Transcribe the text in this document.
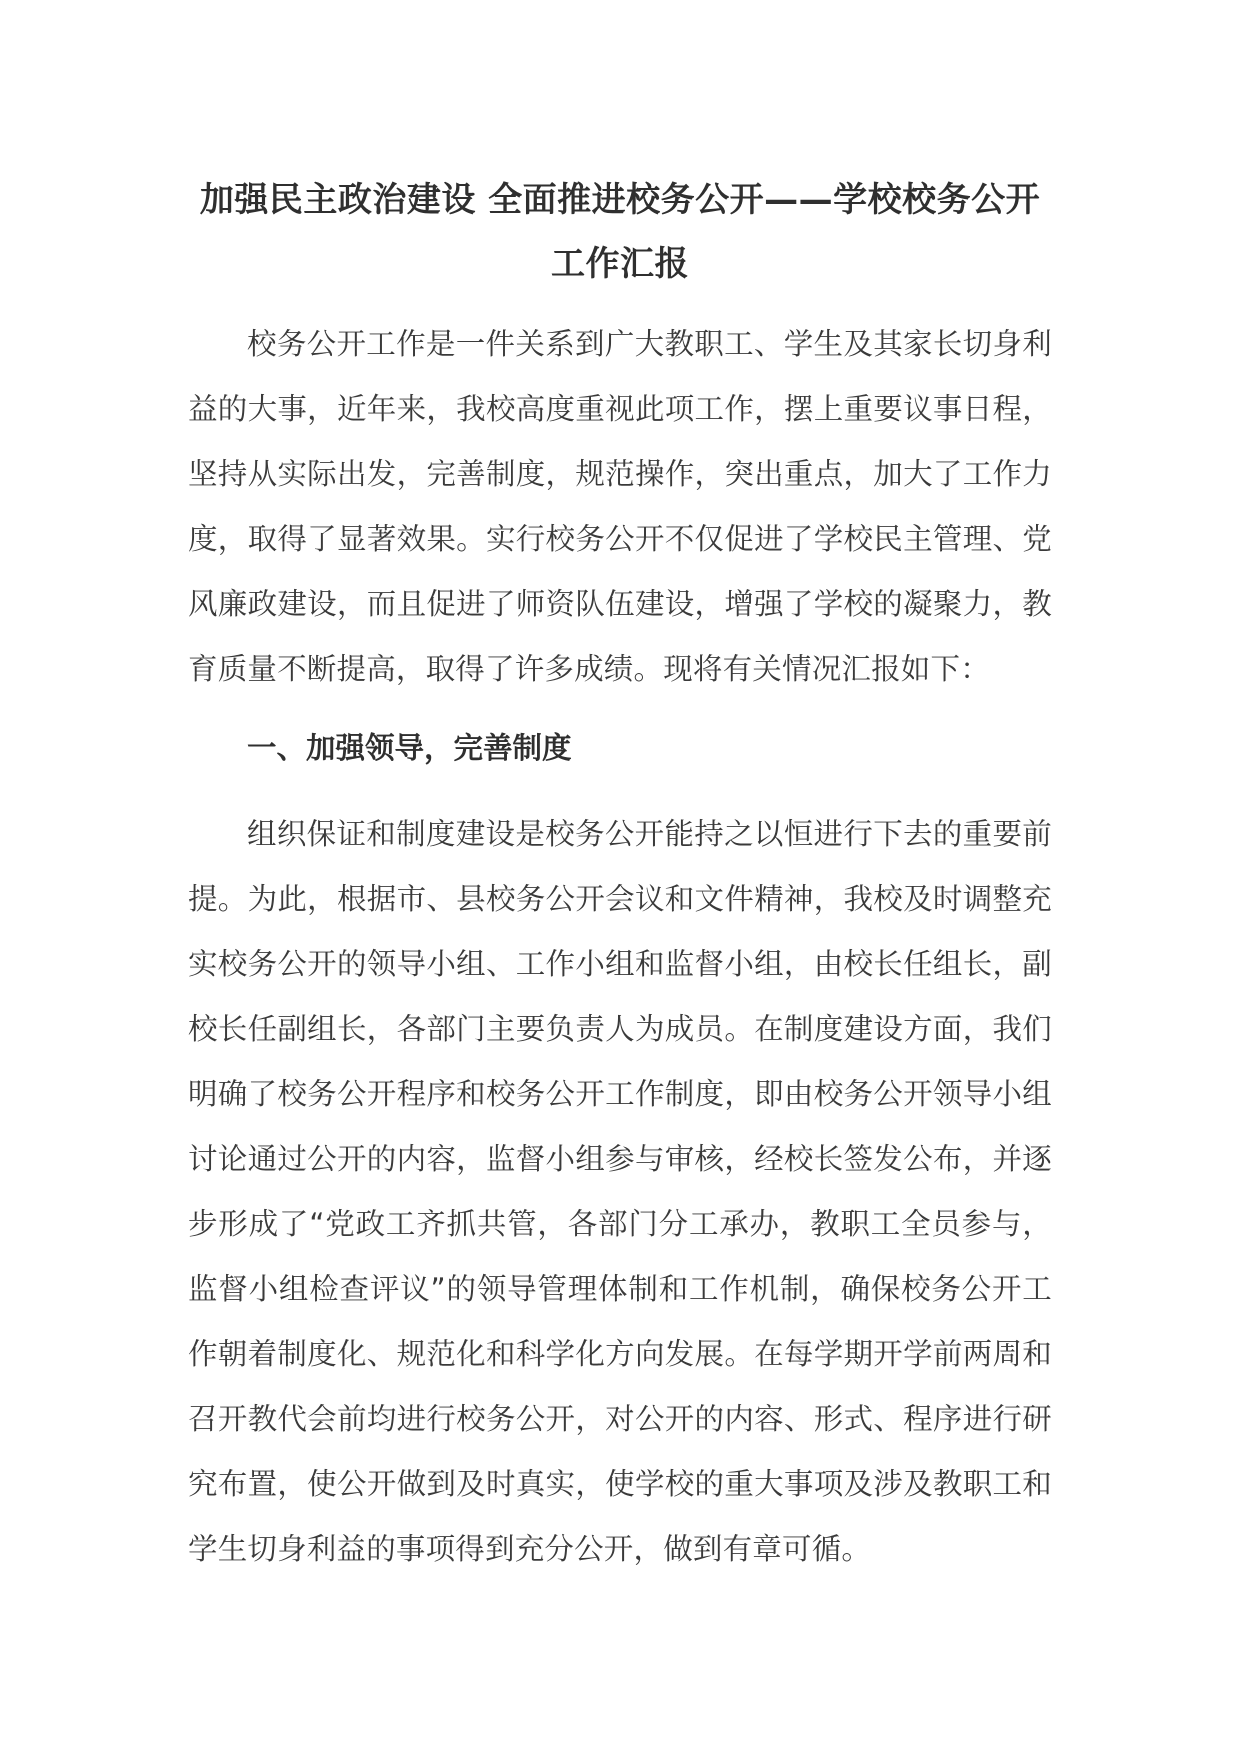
加强民主政治建设 全面推进校务公开——学校校务公开工作汇报

校务公开工作是一件关系到广大教职工、学生及其家长切身利益的大事，近年来，我校高度重视此项工作，摆上重要议事日程，坚持从实际出发，完善制度，规范操作，突出重点，加大了工作力度，取得了显著效果。实行校务公开不仅促进了学校民主管理、党风廉政建设，而且促进了师资队伍建设，增强了学校的凝聚力，教育质量不断提高，取得了许多成绩。现将有关情况汇报如下：

一、加强领导，完善制度

组织保证和制度建设是校务公开能持之以恒进行下去的重要前提。为此，根据市、县校务公开会议和文件精神，我校及时调整充实校务公开的领导小组、工作小组和监督小组，由校长任组长，副校长任副组长，各部门主要负责人为成员。在制度建设方面，我们明确了校务公开程序和校务公开工作制度，即由校务公开领导小组讨论通过公开的内容，监督小组参与审核，经校长签发公布，并逐步形成了“党政工齐抓共管，各部门分工承办，教职工全员参与，监督小组检查评议”的领导管理体制和工作机制，确保校务公开工作朝着制度化、规范化和科学化方向发展。在每学期开学前两周和召开教代会前均进行校务公开，对公开的内容、形式、程序进行研究布置，使公开做到及时真实，使学校的重大事项及涉及教职工和学生切身利益的事项得到充分公开，做到有章可循。
